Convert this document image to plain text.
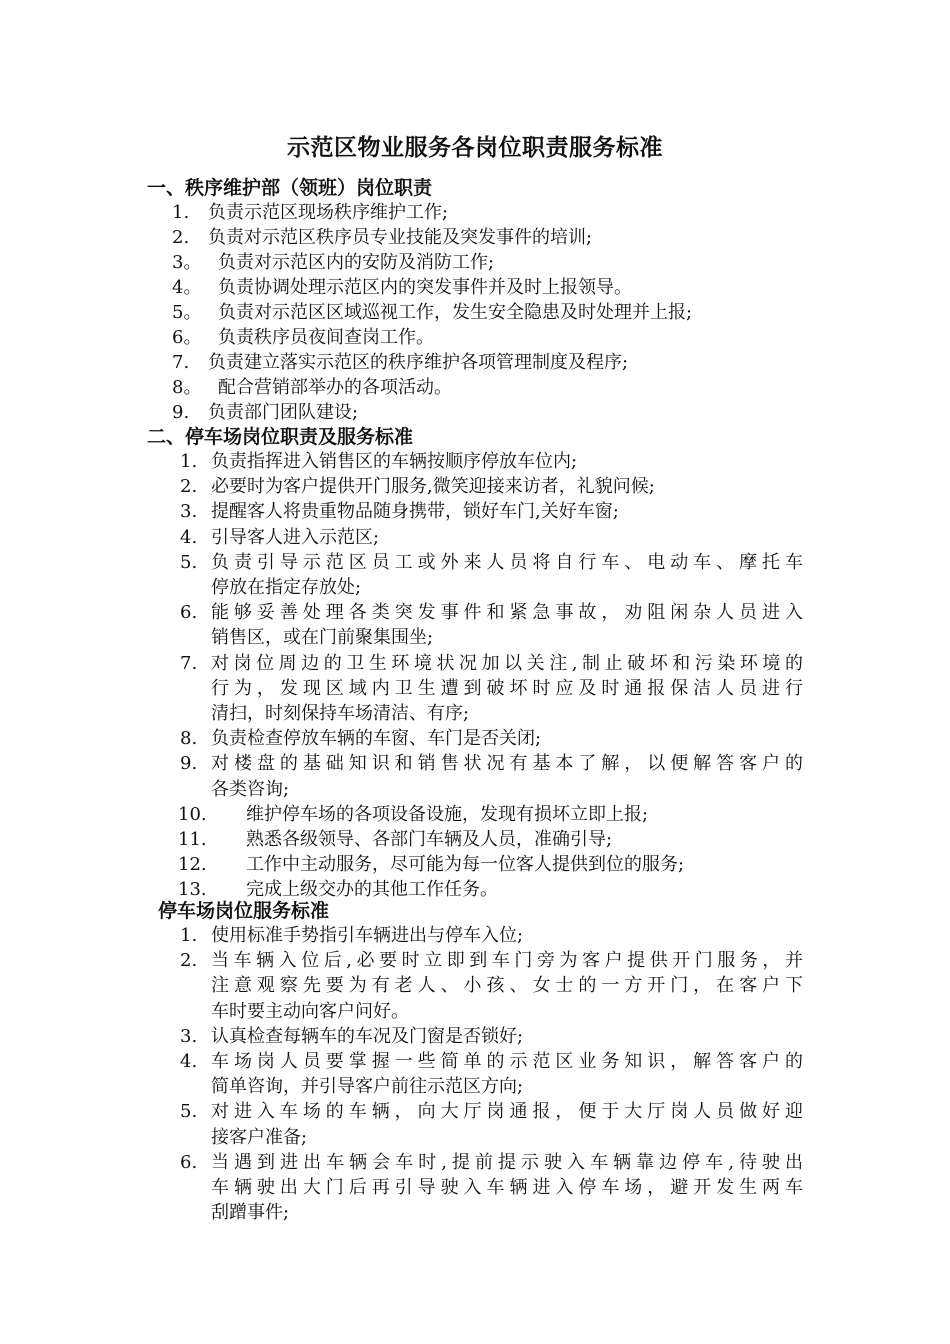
示范区物业服务各岗位职责服务标准
一、秩序维护部（领班）岗位职责
1. 负责示范区现场秩序维护工作;
2. 负责对示范区秩序员专业技能及突发事件的培训;
3。 负责对示范区内的安防及消防工作;
4。 负责协调处理示范区内的突发事件并及时上报领导。
5。 负责对示范区区域巡视工作，发生安全隐患及时处理并上报;
6。 负责秩序员夜间查岗工作。
7. 负责建立落实示范区的秩序维护各项管理制度及程序;
8。 配合营销部举办的各项活动。
9. 负责部门团队建设;
二、停车场岗位职责及服务标准
1. 负责指挥进入销售区的车辆按顺序停放车位内;
2. 必要时为客户提供开门服务,微笑迎接来访者，礼貌问候;
3. 提醒客人将贵重物品随身携带，锁好车门,关好车窗;
4. 引导客人进入示范区;
5. 负责引导示范区员工或外来人员将自行车、电动车、摩托车
停放在指定存放处;
6. 能够妥善处理各类突发事件和紧急事故，劝阻闲杂人员进入
销售区，或在门前聚集围坐;
7. 对岗位周边的卫生环境状况加以关注,制止破坏和污染环境的
行为，发现区域内卫生遭到破坏时应及时通报保洁人员进行
清扫，时刻保持车场清洁、有序;
8. 负责检查停放车辆的车窗、车门是否关闭;
9. 对楼盘的基础知识和销售状况有基本了解，以便解答客户的
各类咨询;
10. 维护停车场的各项设备设施，发现有损坏立即上报;
11. 熟悉各级领导、各部门车辆及人员，准确引导;
12. 工作中主动服务，尽可能为每一位客人提供到位的服务;
13. 完成上级交办的其他工作任务。
停车场岗位服务标准
1. 使用标准手势指引车辆进出与停车入位;
2. 当车辆入位后,必要时立即到车门旁为客户提供开门服务，并
注意观察先要为有老人、小孩、女士的一方开门，在客户下
车时要主动向客户问好。
3. 认真检查每辆车的车况及门窗是否锁好;
4. 车场岗人员要掌握一些简单的示范区业务知识，解答客户的
简单咨询，并引导客户前往示范区方向;
5. 对进入车场的车辆，向大厅岗通报，便于大厅岗人员做好迎
接客户准备;
6. 当遇到进出车辆会车时,提前提示驶入车辆靠边停车,待驶出
车辆驶出大门后再引导驶入车辆进入停车场，避开发生两车
刮蹭事件;
